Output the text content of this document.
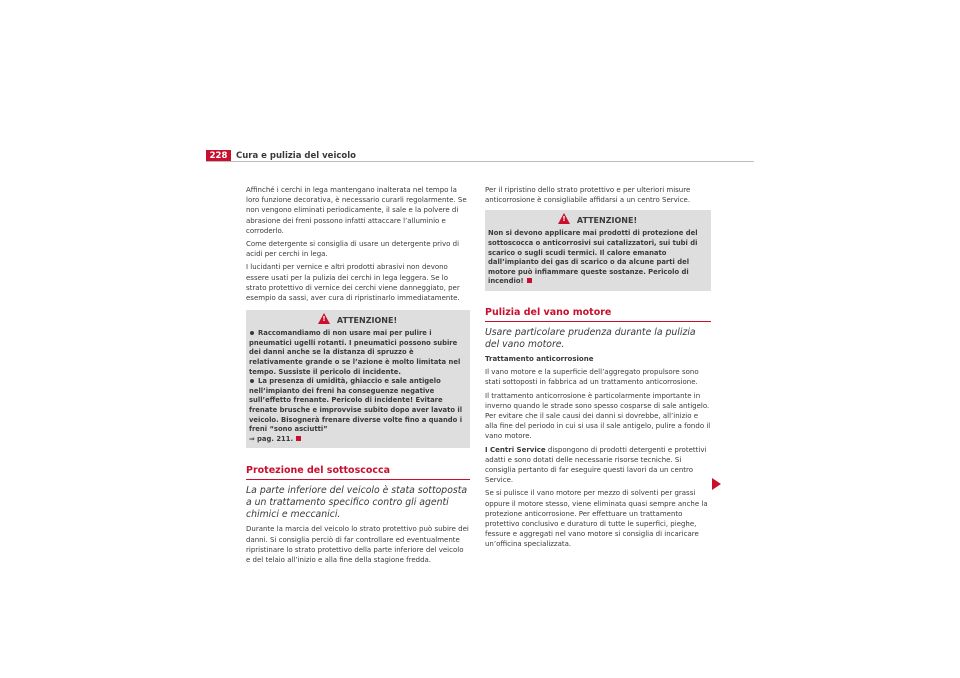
228	Cura e pulizia del veicolo

Affinché i cerchi in lega mantengano inalterata nel tempo la loro funzione decorativa, è necessario curarli regolarmente. Se non vengono eliminati periodicamente, il sale e la polvere di abrasione dei freni possono infatti attaccare l’alluminio e corroderlo.

Come detergente si consiglia di usare un detergente privo di acidi per cerchi in lega.

I lucidanti per vernice e altri prodotti abrasivi non devono essere usati per la pulizia dei cerchi in lega leggera. Se lo strato protettivo di vernice dei cerchi viene danneggiato, per esempio da sassi, aver cura di ripristinarlo immediatamente.

!ATTENZIONE!
Raccomandiamo di non usare mai per pulire i pneumatici ugelli rotanti. I pneumatici possono subire dei danni anche se la distanza di spruzzo è relativamente grande o se l’azione è molto limitata nel tempo. Sussiste il pericolo di incidente.
La presenza di umidità, ghiaccio e sale antigelo nell’impianto dei freni ha conseguenze negative sull’effetto frenante. Pericolo di incidente! Evitare frenate brusche e improvvise subito dopo aver lavato il veicolo. Bisognerà frenare diverse volte fino a quando i freni “sono asciutti”
⇒ pag. 211.
Protezione del sottoscocca

La parte inferiore del veicolo è stata sottoposta a un trattamento specifico contro gli agenti chimici e meccanici.

Durante la marcia del veicolo lo strato protettivo può subire dei danni. Si consiglia perciò di far controllare ed eventualmente ripristinare lo strato protettivo della parte inferiore del veicolo e del telaio all’inizio e alla fine della stagione fredda.

Per il ripristino dello strato protettivo e per ulteriori misure anticorrosione è consigliabile affidarsi a un centro Service.

!ATTENZIONE!
Non si devono applicare mai prodotti di protezione del sottoscocca o anticorrosivi sui catalizzatori, sui tubi di scarico o sugli scudi termici. Il calore emanato dall’impianto dei gas di scarico o da alcune parti del motore può infiammare queste sostanze. Pericolo di incendio!
Pulizia del vano motore

Usare particolare prudenza durante la pulizia del vano motore.

Trattamento anticorrosione

Il vano motore e la superficie dell’aggregato propulsore sono stati sottoposti in fabbrica ad un trattamento anticorrosione.

Il trattamento anticorrosione è particolarmente importante in inverno quando le strade sono spesso cosparse di sale antigelo. Per evitare che il sale causi dei danni si dovrebbe, all’inizio e alla fine del periodo in cui si usa il sale antigelo, pulire a fondo il vano motore.

I Centri Service dispongono di prodotti detergenti e protettivi adatti e sono dotati delle necessarie risorse tecniche. Si consiglia pertanto di far eseguire questi lavori da un centro Service.

Se si pulisce il vano motore per mezzo di solventi per grassi oppure il motore stesso, viene eliminata quasi sempre anche la protezione anticorrosione. Per effettuare un trattamento protettivo conclusivo e duraturo di tutte le superfici, pieghe, fessure e aggregati nel vano motore si consiglia di incaricare un’officina specializzata.
